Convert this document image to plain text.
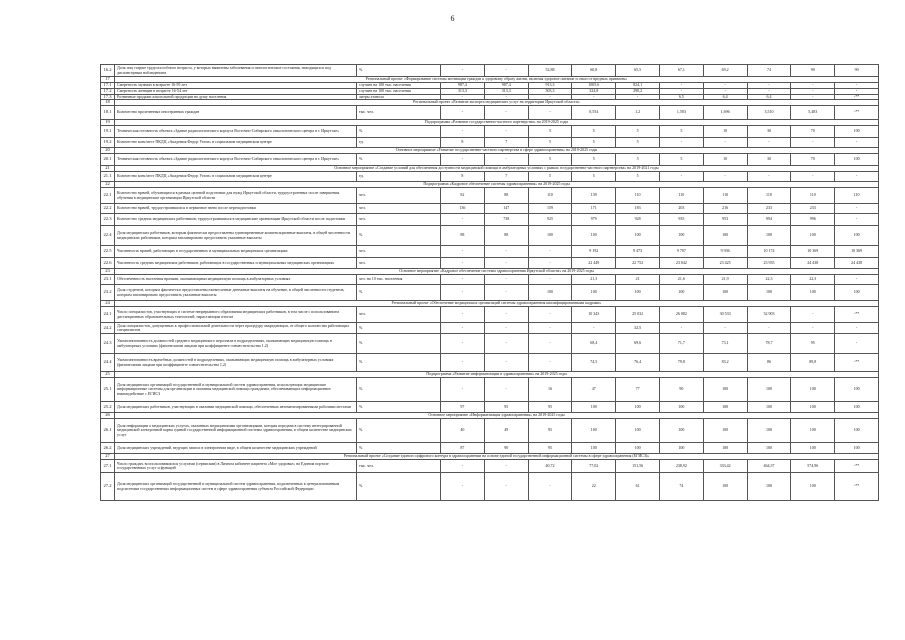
6
16.2	Доля лиц старше трудоспособного возраста, у которых выявлены заболевания и патологические состояния, находящихся под диспансерным наблюдением	%	-	-	52,88	60,8	65,5	67,1	69,2	74	90	90
17	Региональный проект «Формирование системы мотивации граждан к здоровому образу жизни, включая здоровое питание и отказ от вредных привычек»											
17.1	Смертность мужчин в возрасте 16-59 лет	случаев на 100 тыс. населения	987,4	987,4	913,3	1005,6	824,1	-	-	-	-	-
17.2	Смертность женщин в возрасте 16-54 лет	случаев на 100 тыс. населения	313,3	313,3	303,3	324,8	290,2	-	-	-	-	-
17.3	Розничные продажи алкогольной продукции на душу населения	литры этанола	-	-	-	-	-	6,5	6,4	6,4	-	-**
18	Региональный проект «Развитие экспорта медицинских услуг на территории Иркутской области»											
18.1	Количество пролеченных иностранных граждан	тыс. чел.	-	-	-	0,554	1,2	1,583	1,696	3,510	5,483	-**
19	Подпрограмма «Развитие государственно-частного партнерства» на 2019-2025 годы											
19.1	Техническая готовность объекта «Здание радиологического корпуса Восточно-Сибирского онкологического центра в г. Иркутске»	%	-	-	5	5	5	5	10	30	70	100
19.2	Количество коек/мест ПКДЦ «Академия Федор Углов» в социальном медицинском центре	ед.	8	7	5	5	5	-	-	-	-	-
20	Основное мероприятие «Развитие государственно-частного партнерства в сфере здравоохранения» на 2019-2025 годы											
20.1	Техническая готовность объекта «Здание радиологического корпуса Восточно-Сибирского онкологического центра в г. Иркутске»	%	-	-	5	5	5	5	10	30	70	100
21	Основное мероприятие «Создание условий для обеспечения доступности медицинской помощи в амбулаторных условиях с рамках государственно-частного партнерства» на 2019-2021 годы											
21.1	Количество коек/мест ПКДЦ «Академия Федор Углов» в социальном медицинском центре	ед.	8	7	5	5	5	-	-	-	-	-
22	Подпрограмма «Кадровое обеспечение системы здравоохранения» на 2019-2025 годы											
22.1	Количество врачей, обучающихся в рамках целевой подготовки для нужд Иркутской области, трудоустроенных после завершения обучения в медицинские организации Иркутской области	чел.	82	88	110	139	110	110	110	110	110	110
22.2	Количество врачей, трудоустроившихся в первичное звено после переподготовки	чел.	136	147	159	171	183	203	216	233	233	-
22.3	Количество средних медицинских работников, трудоустроившихся в медицинские организации Иркутской области после подготовки	чел.	-	738	925	979	928	935	953	994	996	-
22.4	Доля медицинских работников, которым фактически предоставлены единовременные компенсационные выплаты, в общей численности медицинских работников, которым запланировано предоставить указанные выплаты	%	88	88	100	100	100	100	100	100	100	100
22.5	Численность врачей, работающих в государственных и муниципальных медицинских организациях	чел.	-	-	-	9 192	9 473	9 707	9 936	10 174	10 369	10 369
22.6	Численность средних медицинских работников, работающих в государственных и муниципальных медицинских организациях	чел.	-	-	-	22 449	22 752	23 042	23 425	23 935	24 438	24 438
23	Основное мероприятие «Кадровое обеспечение системы здравоохранения Иркутской области» на 2019-2025 годы											
23.1	Обеспеченность населения врачами, оказывающими медицинскую помощь в амбулаторных условиях	чел. на 10 тыс. населения	-	-	-	21,3	21	21,6	21,9	22,3	22,3	-
23.2	Доля студентов, которым фактически предоставлены ежемесячные денежные выплаты на обучение, в общей численности студентов, которым запланировано предоставить указанные выплаты	%	-	-	100	100	100	100	100	100	100	100
24	Региональный проект «Обеспечение медицинских организаций системы здравоохранения квалифицированными кадрами»											
24.1	Число специалистов, участвующих в системе непрерывного образования медицинских работников, в том числе с использованием дистанционных образовательных технологий, нарастающим итогом	чел.	-	-	-	10 343	25 032	26 082	30 533	32 903	-	-**
24.2	Доля специалистов, допущенных к профессиональной деятельности через процедуру аккредитации, от общего количества работающих специалистов	%	-	-	-	-	32,5	-	-	-	-	-
24.3	Укомплектованность должностей среднего медицинского персонала в подразделениях, оказывающих медицинскую помощь в амбулаторных условиях (физическими лицами при коэффициенте совместительства 1,2)	%	-	-	-	68,4	69,6	71,7	73,1	78,7	95	-
24.4	Укомплектованность врачебных должностей в подразделениях, оказывающих медицинскую помощь в амбулаторных условиях (физическими лицами при коэффициенте совместительства 1,2)	%	-	-	-	74,5	76,4	79,8	83,2	86	89,8	-**
25	Подпрограмма «Развитие информатизации в здравоохранении» на 2019-2025 годы											
25.1	Доля медицинских организаций государственной и муниципальной систем здравоохранения, использующих медицинские информационные системы для организации и оказания медицинской помощи гражданам, обеспечивающих информационное взаимодействие с ЕГИСЗ	%	-	-	16	47	77	90	100	100	100	100
25.2	Доля медицинских работников, участвующих в оказании медицинской помощи, обеспеченных автоматизированными рабочими местами	%	97	95	95	100	100	100	100	100	100	100
26	Основное мероприятие «Информатизация здравоохранения» на 2019-2025 годы											
26.1	Доля информации о медицинских услугах, оказанных медицинскими организациями, которая передана в систему интегрированной медицинской электронной карты единой государственной информационной системы здравоохранения, в общем количестве медицинских услуг	%	40	49	95	100	100	100	100	100	100	100
26.2	Доля медицинских учреждений, ведущих записи в электронном виде, в общем количестве медицинских учреждений	%	87	90	95	100	100	100	100	100	100	100
27	Региональный проект «Создание единого цифрового контура в здравоохранении на основе единой государственной информационной системы в сфере здравоохранения (ЕГИСЗ)»											
27.1	Число граждан, воспользовавшихся услугами (сервисами) в Личном кабинете пациента «Мое здоровье» на Едином портале государственных услуг и функций	тыс. чел.	-	-	40,72	77,02	151,56	238,92	333,42	464,37	574,96	-**
27.2	Доля медицинских организаций государственной и муниципальной систем здравоохранения, подключенных к централизованным подсистемам государственных информационных систем в сфере здравоохранения субъекта Российской Федерации	%	-	-	-	22	61	74	100	100	100	-**
